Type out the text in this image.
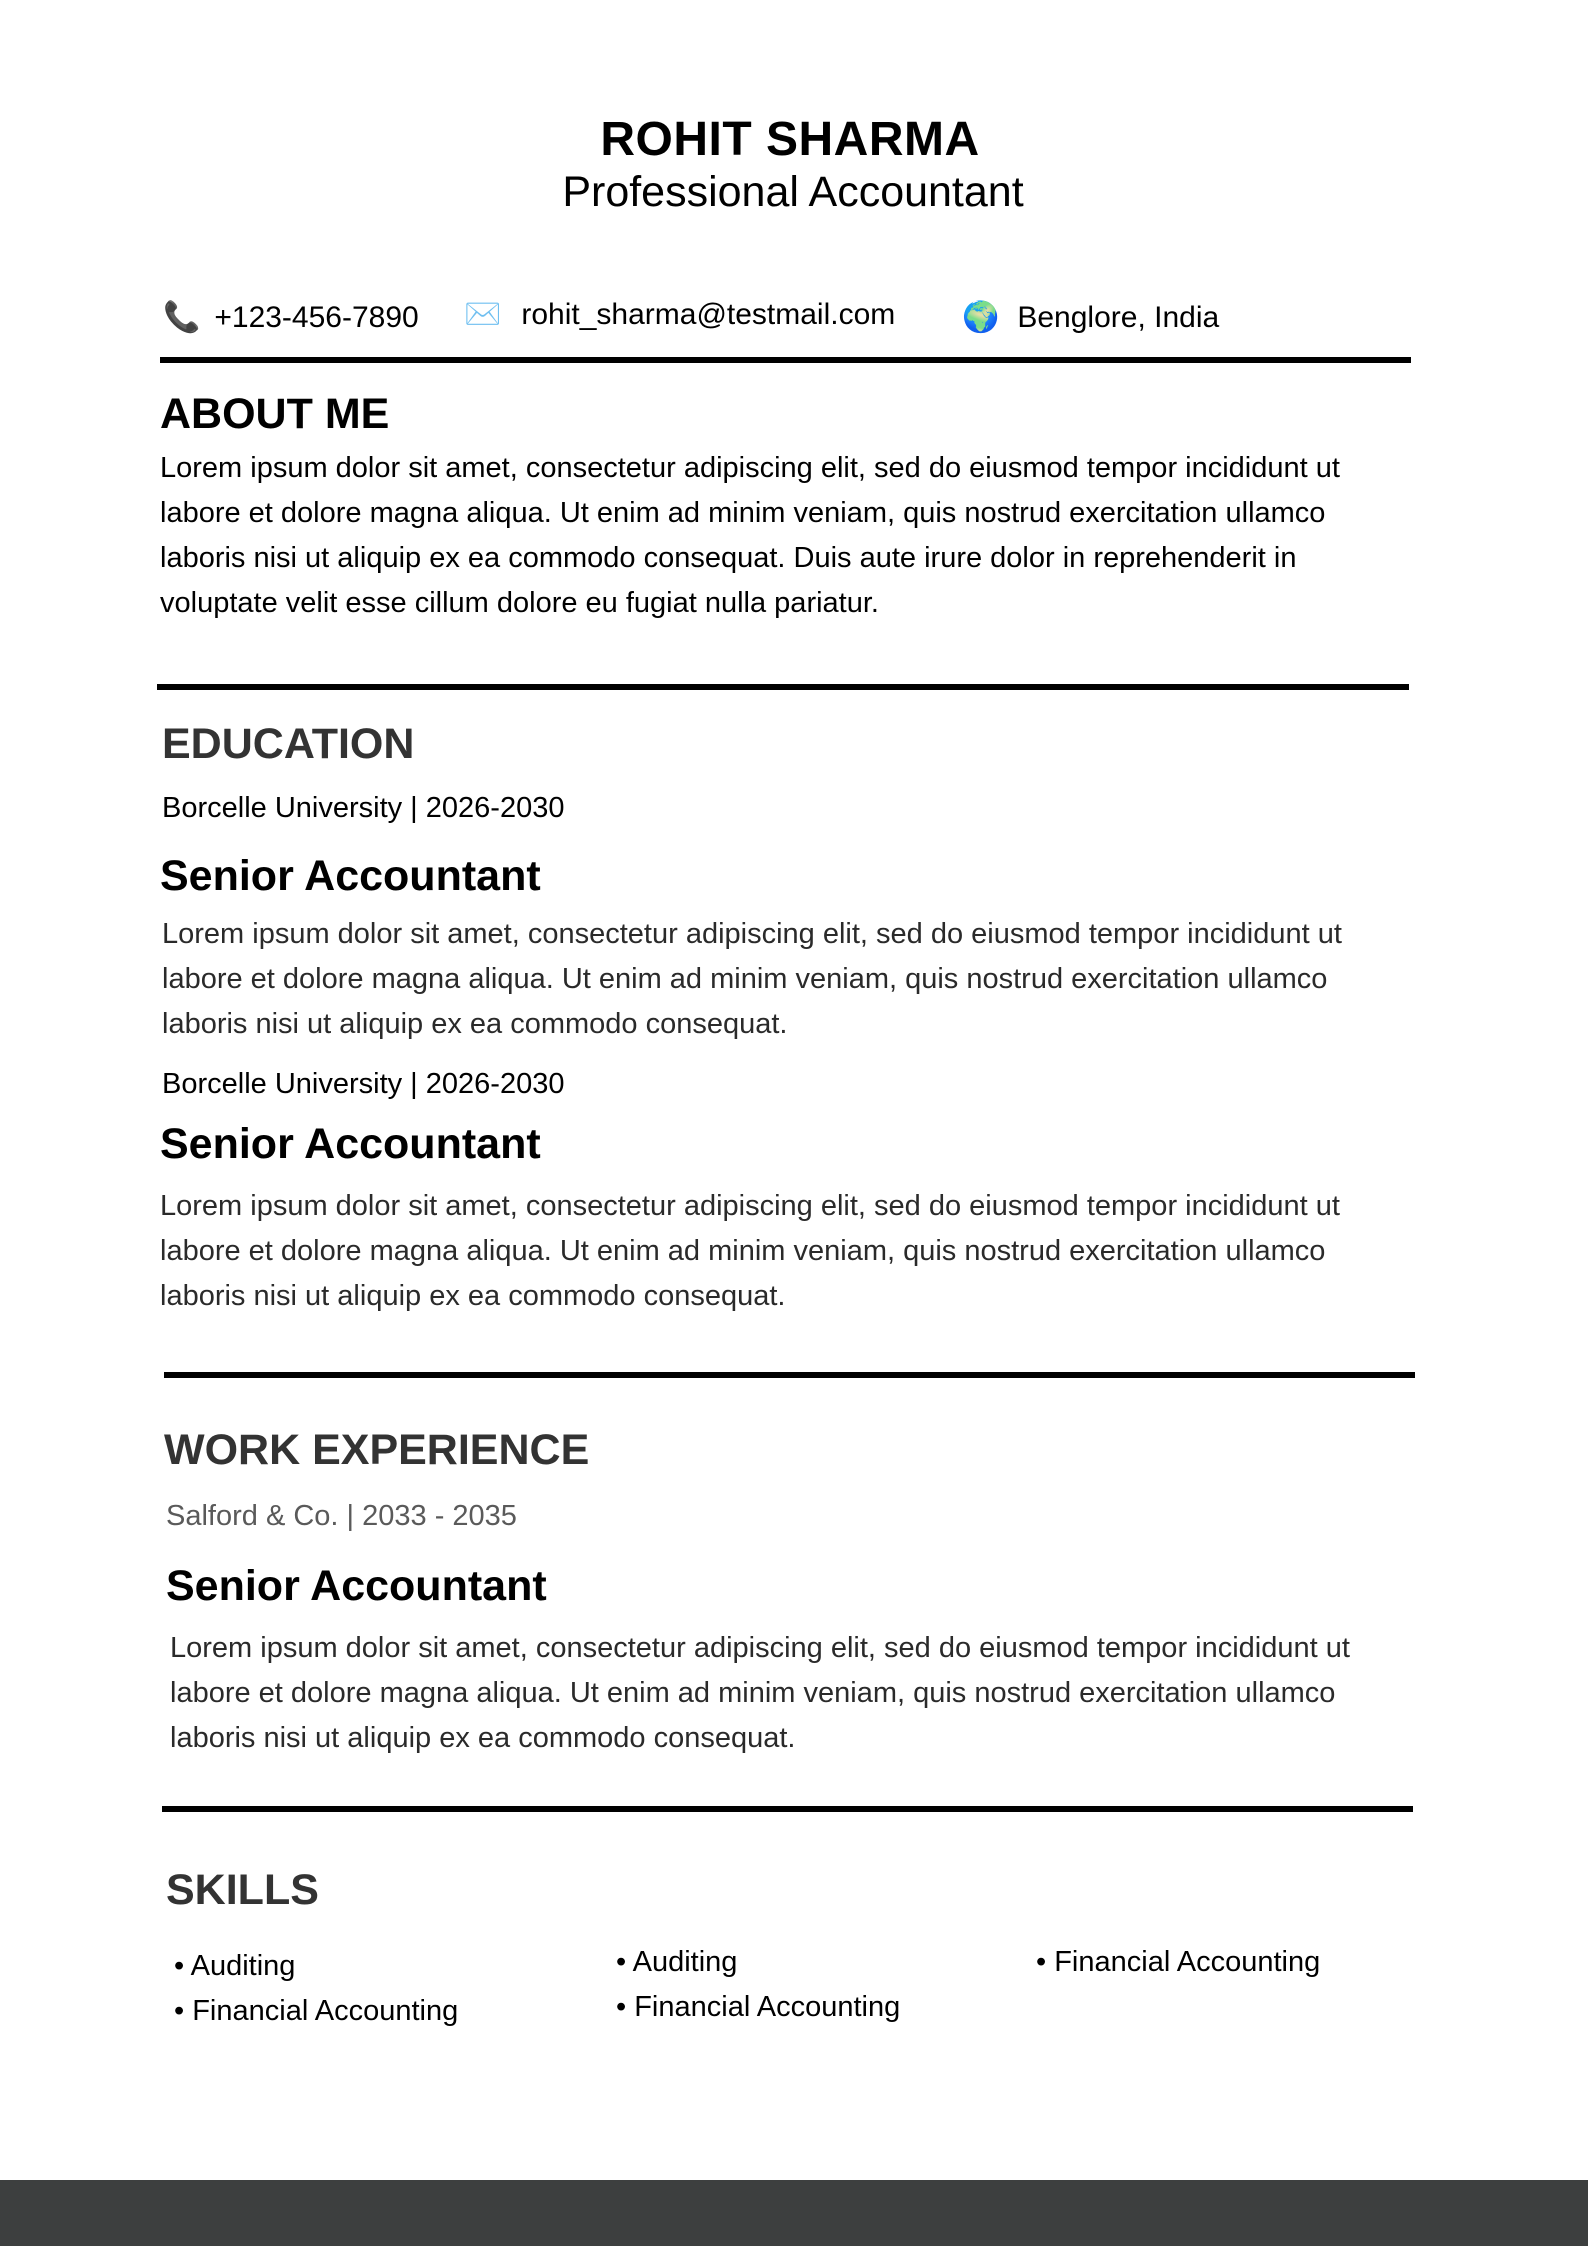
ROHIT SHARMA
Professional Accountant
📞 +123-456-7890 ✉️ rohit_sharma@testmail.com 🌍 Benglore, India
ABOUT ME
Lorem ipsum dolor sit amet, consectetur adipiscing elit, sed do eiusmod tempor incididunt ut
labore et dolore magna aliqua. Ut enim ad minim veniam, quis nostrud exercitation ullamco
laboris nisi ut aliquip ex ea commodo consequat. Duis aute irure dolor in reprehenderit in
voluptate velit esse cillum dolore eu fugiat nulla pariatur.
EDUCATION
Borcelle University | 2026-2030
Senior Accountant
Lorem ipsum dolor sit amet, consectetur adipiscing elit, sed do eiusmod tempor incididunt ut
labore et dolore magna aliqua. Ut enim ad minim veniam, quis nostrud exercitation ullamco
laboris nisi ut aliquip ex ea commodo consequat.
Borcelle University | 2026-2030
Senior Accountant
Lorem ipsum dolor sit amet, consectetur adipiscing elit, sed do eiusmod tempor incididunt ut
labore et dolore magna aliqua. Ut enim ad minim veniam, quis nostrud exercitation ullamco
laboris nisi ut aliquip ex ea commodo consequat.
WORK EXPERIENCE
Salford & Co. | 2033 - 2035
Senior Accountant
Lorem ipsum dolor sit amet, consectetur adipiscing elit, sed do eiusmod tempor incididunt ut
labore et dolore magna aliqua. Ut enim ad minim veniam, quis nostrud exercitation ullamco
laboris nisi ut aliquip ex ea commodo consequat.
SKILLS
• Auditing
• Financial Accounting
• Auditing
• Financial Accounting
• Financial Accounting
